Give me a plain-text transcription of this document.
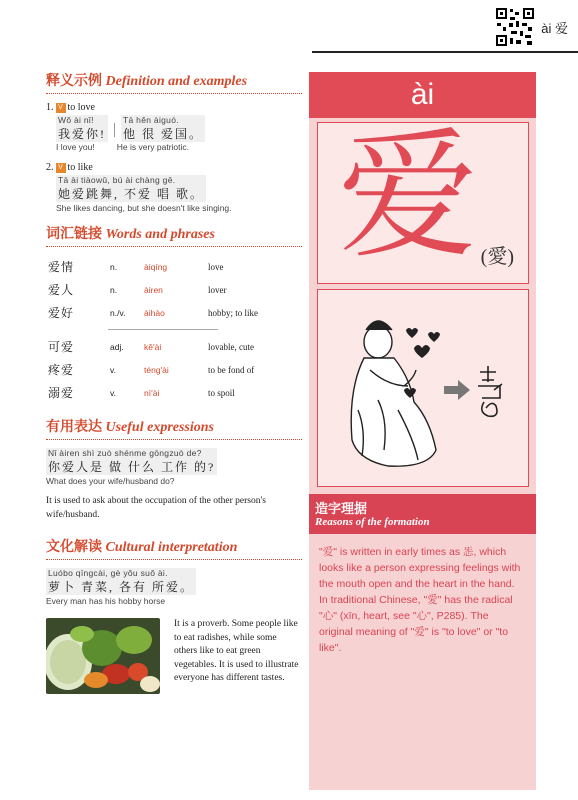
ài 爱
释义示例 Definition and examples
1. V to love
Wǒ ài nǐ!
我爱你!
Tā hěn àiguó.
他 很 爱国。
I love you!	He is very patriotic.
2. V to like
Tā ài tiàowǔ, bú ài chàng gē.
她爱跳舞, 不爱 唱 歌。
She likes dancing, but she doesn't like singing.
词汇链接 Words and phrases
爱情	n.	àiqíng	love
爱人	n.	àiren	lover
爱好	n./v.	àihào	hobby; to like

可爱	adj.	kě'ài	lovable, cute
疼爱	v.	téng'ài	to be fond of
溺爱	v.	nì'ài	to spoil
有用表达 Useful expressions
Nǐ àiren shì zuò shénme gōngzuò de?
你爱人是 做 什么 工作 的?
What does your wife/husband do?
It is used to ask about the occupation of the other person's wife/husband.
文化解读 Cultural interpretation
Luóbo qīngcài, gè yǒu suǒ ài.
萝卜 青菜, 各有 所爱。
Every man has his hobby horse
It is a proverb. Some people like to eat radishes, while some others like to eat green vegetables. It is used to illustrate everyone has different tastes.
ài
爱 (愛)
造字理据
Reasons of the formation
"爱" is written in early times as 㤅, which looks like a person expressing feelings with the mouth open and the heart in the hand. In traditional Chinese, "愛" has the radical "心" (xīn, heart, see "心", P285). The original meaning of "爱" is "to love" or "to like".
